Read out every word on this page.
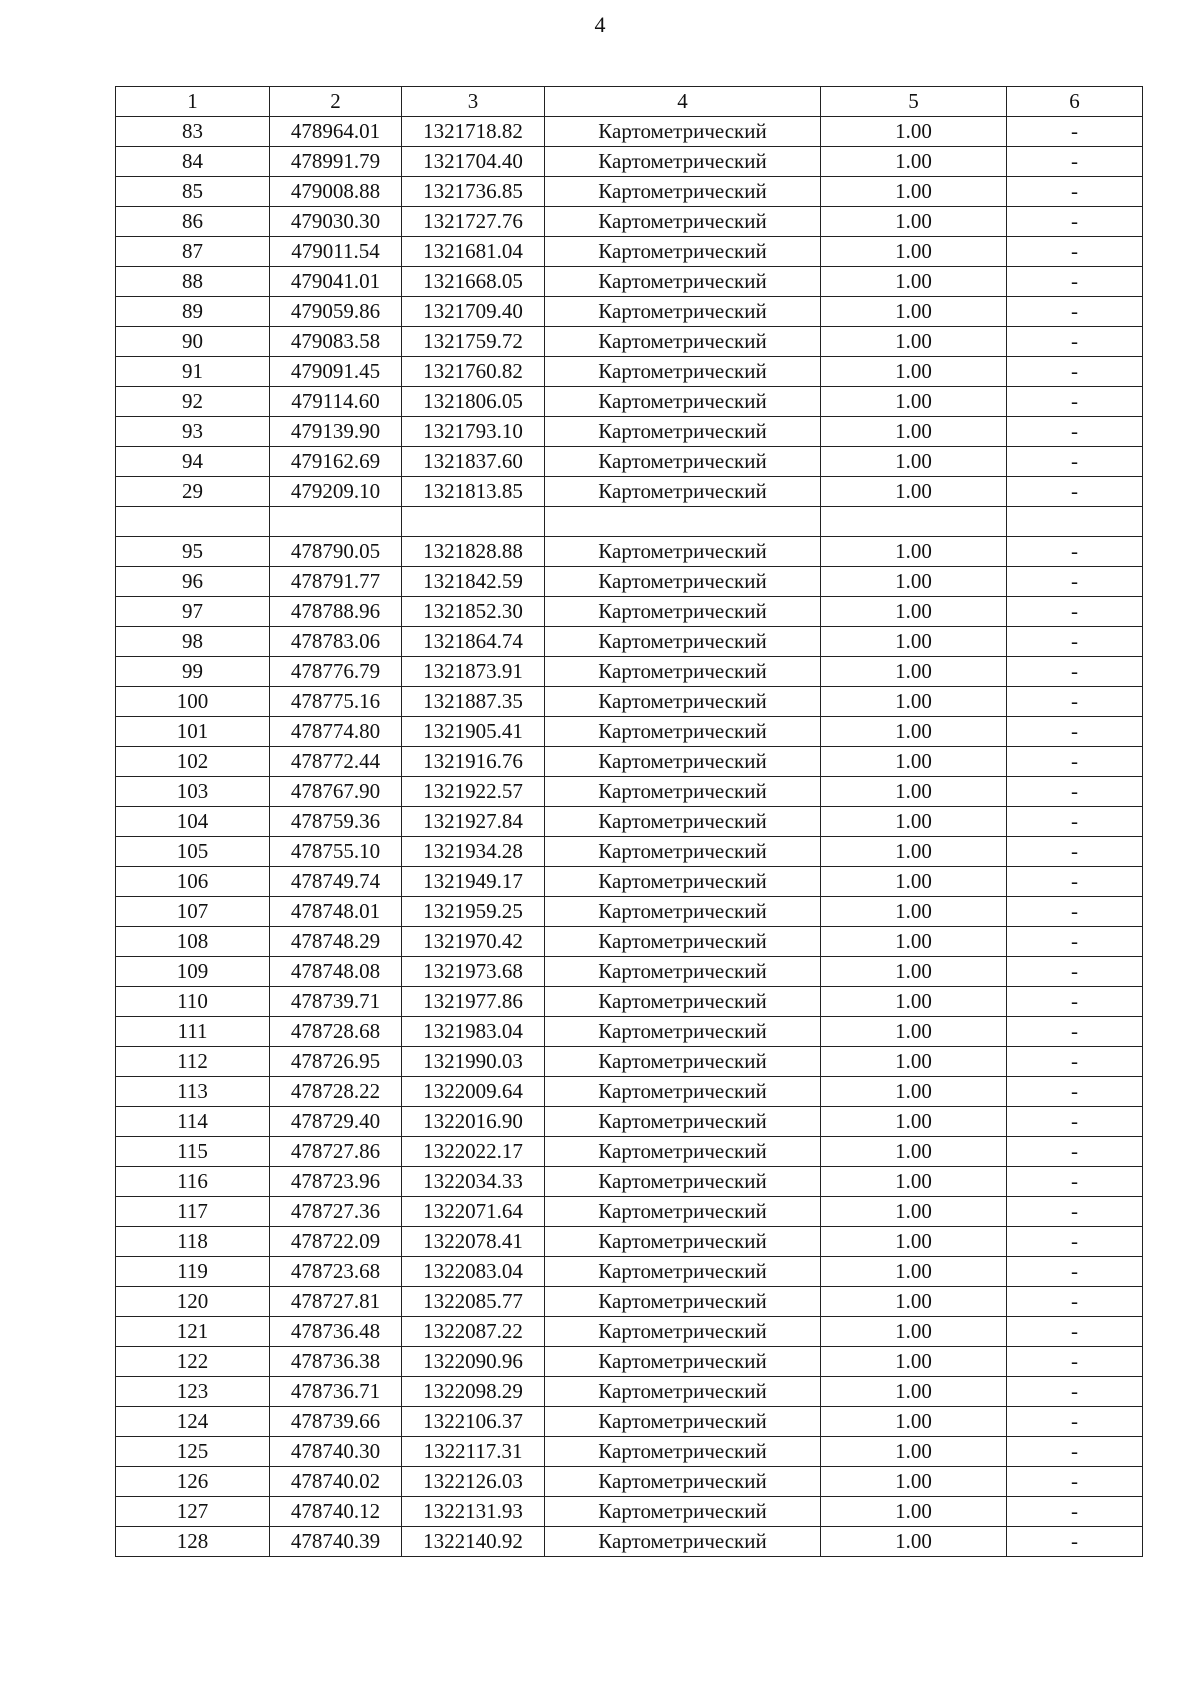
4
1	2	3	4	5	6
83	478964.01	1321718.82	Картометрический	1.00	-
84	478991.79	1321704.40	Картометрический	1.00	-
85	479008.88	1321736.85	Картометрический	1.00	-
86	479030.30	1321727.76	Картометрический	1.00	-
87	479011.54	1321681.04	Картометрический	1.00	-
88	479041.01	1321668.05	Картометрический	1.00	-
89	479059.86	1321709.40	Картометрический	1.00	-
90	479083.58	1321759.72	Картометрический	1.00	-
91	479091.45	1321760.82	Картометрический	1.00	-
92	479114.60	1321806.05	Картометрический	1.00	-
93	479139.90	1321793.10	Картометрический	1.00	-
94	479162.69	1321837.60	Картометрический	1.00	-
29	479209.10	1321813.85	Картометрический	1.00	-

95	478790.05	1321828.88	Картометрический	1.00	-
96	478791.77	1321842.59	Картометрический	1.00	-
97	478788.96	1321852.30	Картометрический	1.00	-
98	478783.06	1321864.74	Картометрический	1.00	-
99	478776.79	1321873.91	Картометрический	1.00	-
100	478775.16	1321887.35	Картометрический	1.00	-
101	478774.80	1321905.41	Картометрический	1.00	-
102	478772.44	1321916.76	Картометрический	1.00	-
103	478767.90	1321922.57	Картометрический	1.00	-
104	478759.36	1321927.84	Картометрический	1.00	-
105	478755.10	1321934.28	Картометрический	1.00	-
106	478749.74	1321949.17	Картометрический	1.00	-
107	478748.01	1321959.25	Картометрический	1.00	-
108	478748.29	1321970.42	Картометрический	1.00	-
109	478748.08	1321973.68	Картометрический	1.00	-
110	478739.71	1321977.86	Картометрический	1.00	-
111	478728.68	1321983.04	Картометрический	1.00	-
112	478726.95	1321990.03	Картометрический	1.00	-
113	478728.22	1322009.64	Картометрический	1.00	-
114	478729.40	1322016.90	Картометрический	1.00	-
115	478727.86	1322022.17	Картометрический	1.00	-
116	478723.96	1322034.33	Картометрический	1.00	-
117	478727.36	1322071.64	Картометрический	1.00	-
118	478722.09	1322078.41	Картометрический	1.00	-
119	478723.68	1322083.04	Картометрический	1.00	-
120	478727.81	1322085.77	Картометрический	1.00	-
121	478736.48	1322087.22	Картометрический	1.00	-
122	478736.38	1322090.96	Картометрический	1.00	-
123	478736.71	1322098.29	Картометрический	1.00	-
124	478739.66	1322106.37	Картометрический	1.00	-
125	478740.30	1322117.31	Картометрический	1.00	-
126	478740.02	1322126.03	Картометрический	1.00	-
127	478740.12	1322131.93	Картометрический	1.00	-
128	478740.39	1322140.92	Картометрический	1.00	-
